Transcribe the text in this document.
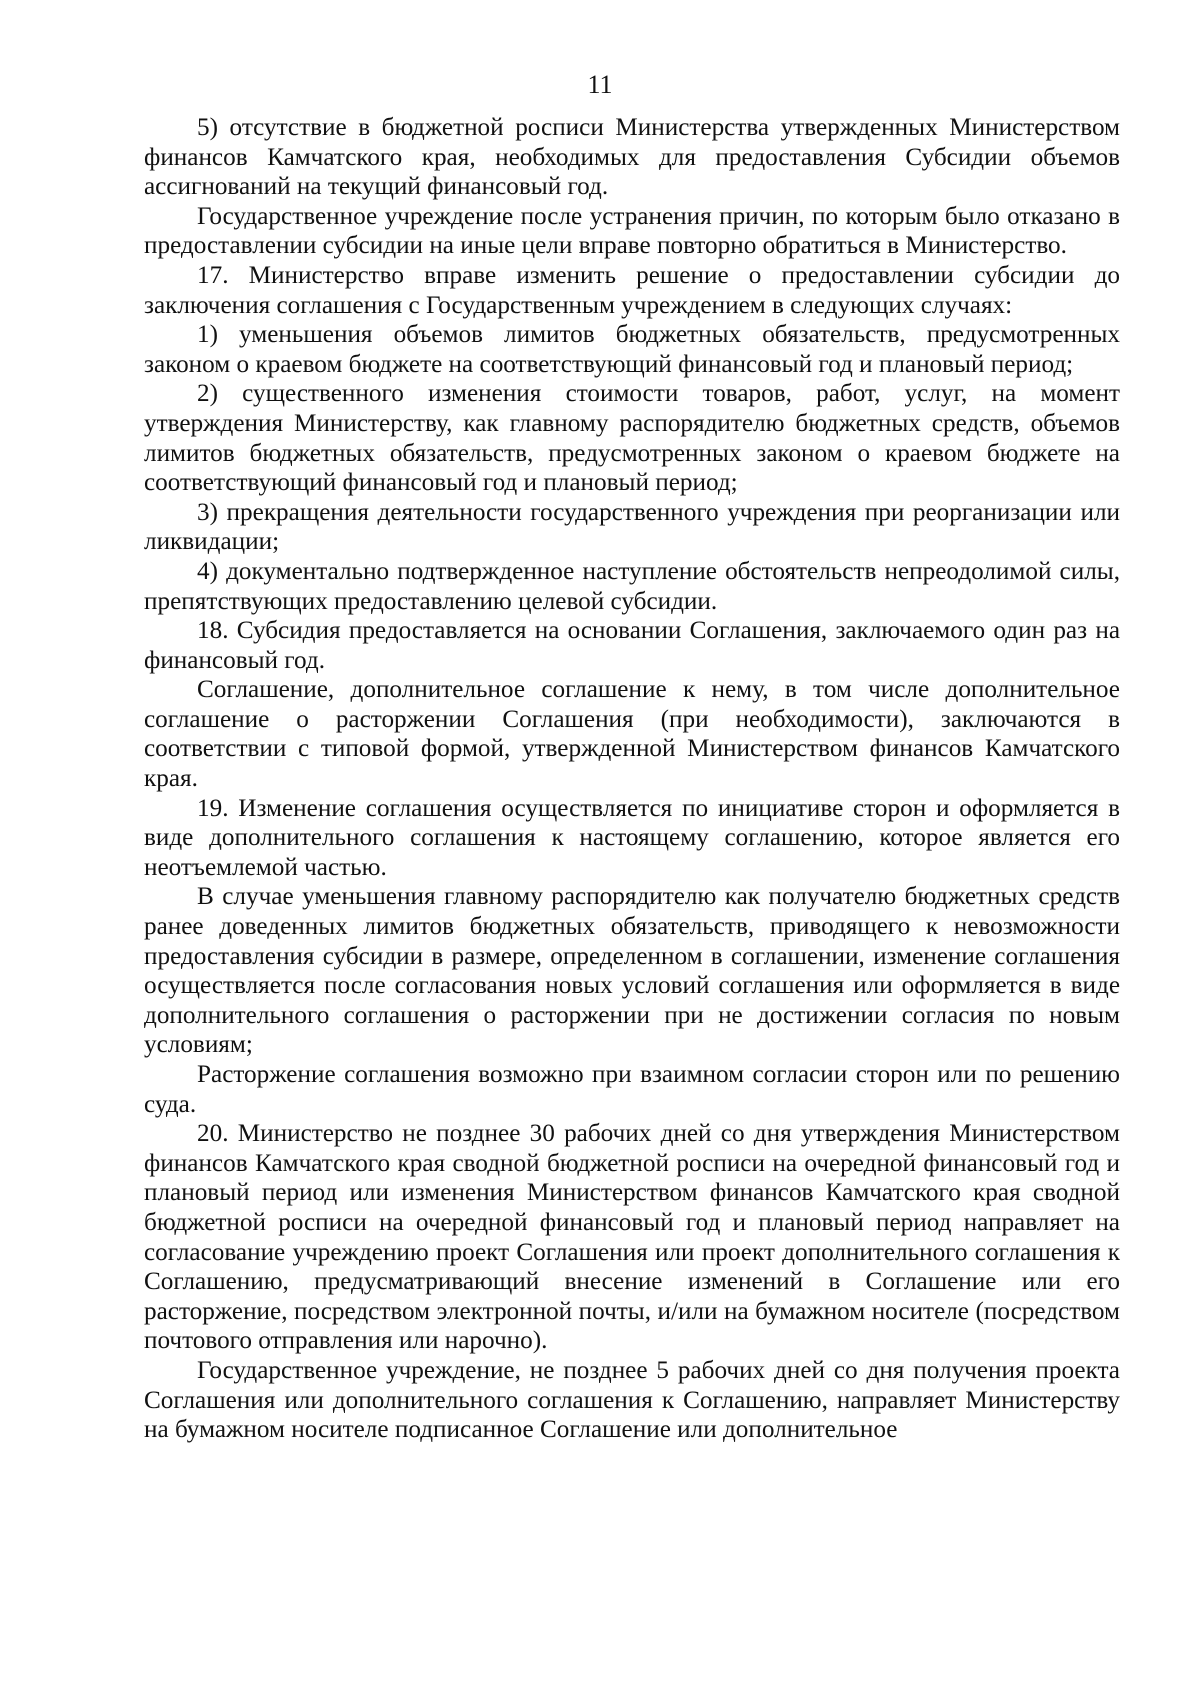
11

5) отсутствие в бюджетной росписи Министерства утвержденных Министерством финансов Камчатского края, необходимых для предоставления Субсидии объемов ассигнований на текущий финансовый год.

Государственное учреждение после устранения причин, по которым было отказано в предоставлении субсидии на иные цели вправе повторно обратиться в Министерство.

17. Министерство вправе изменить решение о предоставлении субсидии до заключения соглашения с Государственным учреждением в следующих случаях:

1) уменьшения объемов лимитов бюджетных обязательств, предусмотренных законом о краевом бюджете на соответствующий финансовый год и плановый период;

2) существенного изменения стоимости товаров, работ, услуг, на момент утверждения Министерству, как главному распорядителю бюджетных средств, объемов лимитов бюджетных обязательств, предусмотренных законом о краевом бюджете на соответствующий финансовый год и плановый период;

3) прекращения деятельности государственного учреждения при реорганизации или ликвидации;

4) документально подтвержденное наступление обстоятельств непреодолимой силы, препятствующих предоставлению целевой субсидии.

18. Субсидия предоставляется на основании Соглашения, заключаемого один раз на финансовый год.

Соглашение, дополнительное соглашение к нему, в том числе дополнительное соглашение о расторжении Соглашения (при необходимости), заключаются в соответствии с типовой формой, утвержденной Министерством финансов Камчатского края.

19. Изменение соглашения осуществляется по инициативе сторон и оформляется в виде дополнительного соглашения к настоящему соглашению, которое является его неотъемлемой частью.

В случае уменьшения главному распорядителю как получателю бюджетных средств ранее доведенных лимитов бюджетных обязательств, приводящего к невозможности предоставления субсидии в размере, определенном в соглашении, изменение соглашения осуществляется после согласования новых условий соглашения или оформляется в виде дополнительного соглашения о расторжении при не достижении согласия по новым условиям;

Расторжение соглашения возможно при взаимном согласии сторон или по решению суда.

20. Министерство не позднее 30 рабочих дней со дня утверждения Министерством финансов Камчатского края сводной бюджетной росписи на очередной финансовый год и плановый период или изменения Министерством финансов Камчатского края сводной бюджетной росписи на очередной финансовый год и плановый период направляет на согласование учреждению проект Соглашения или проект дополнительного соглашения к Соглашению, предусматривающий внесение изменений в Соглашение или его расторжение, посредством электронной почты, и/или на бумажном носителе (посредством почтового отправления или нарочно).

Государственное учреждение, не позднее 5 рабочих дней со дня получения проекта Соглашения или дополнительного соглашения к Соглашению, направляет Министерству на бумажном носителе подписанное Соглашение или дополнительное
